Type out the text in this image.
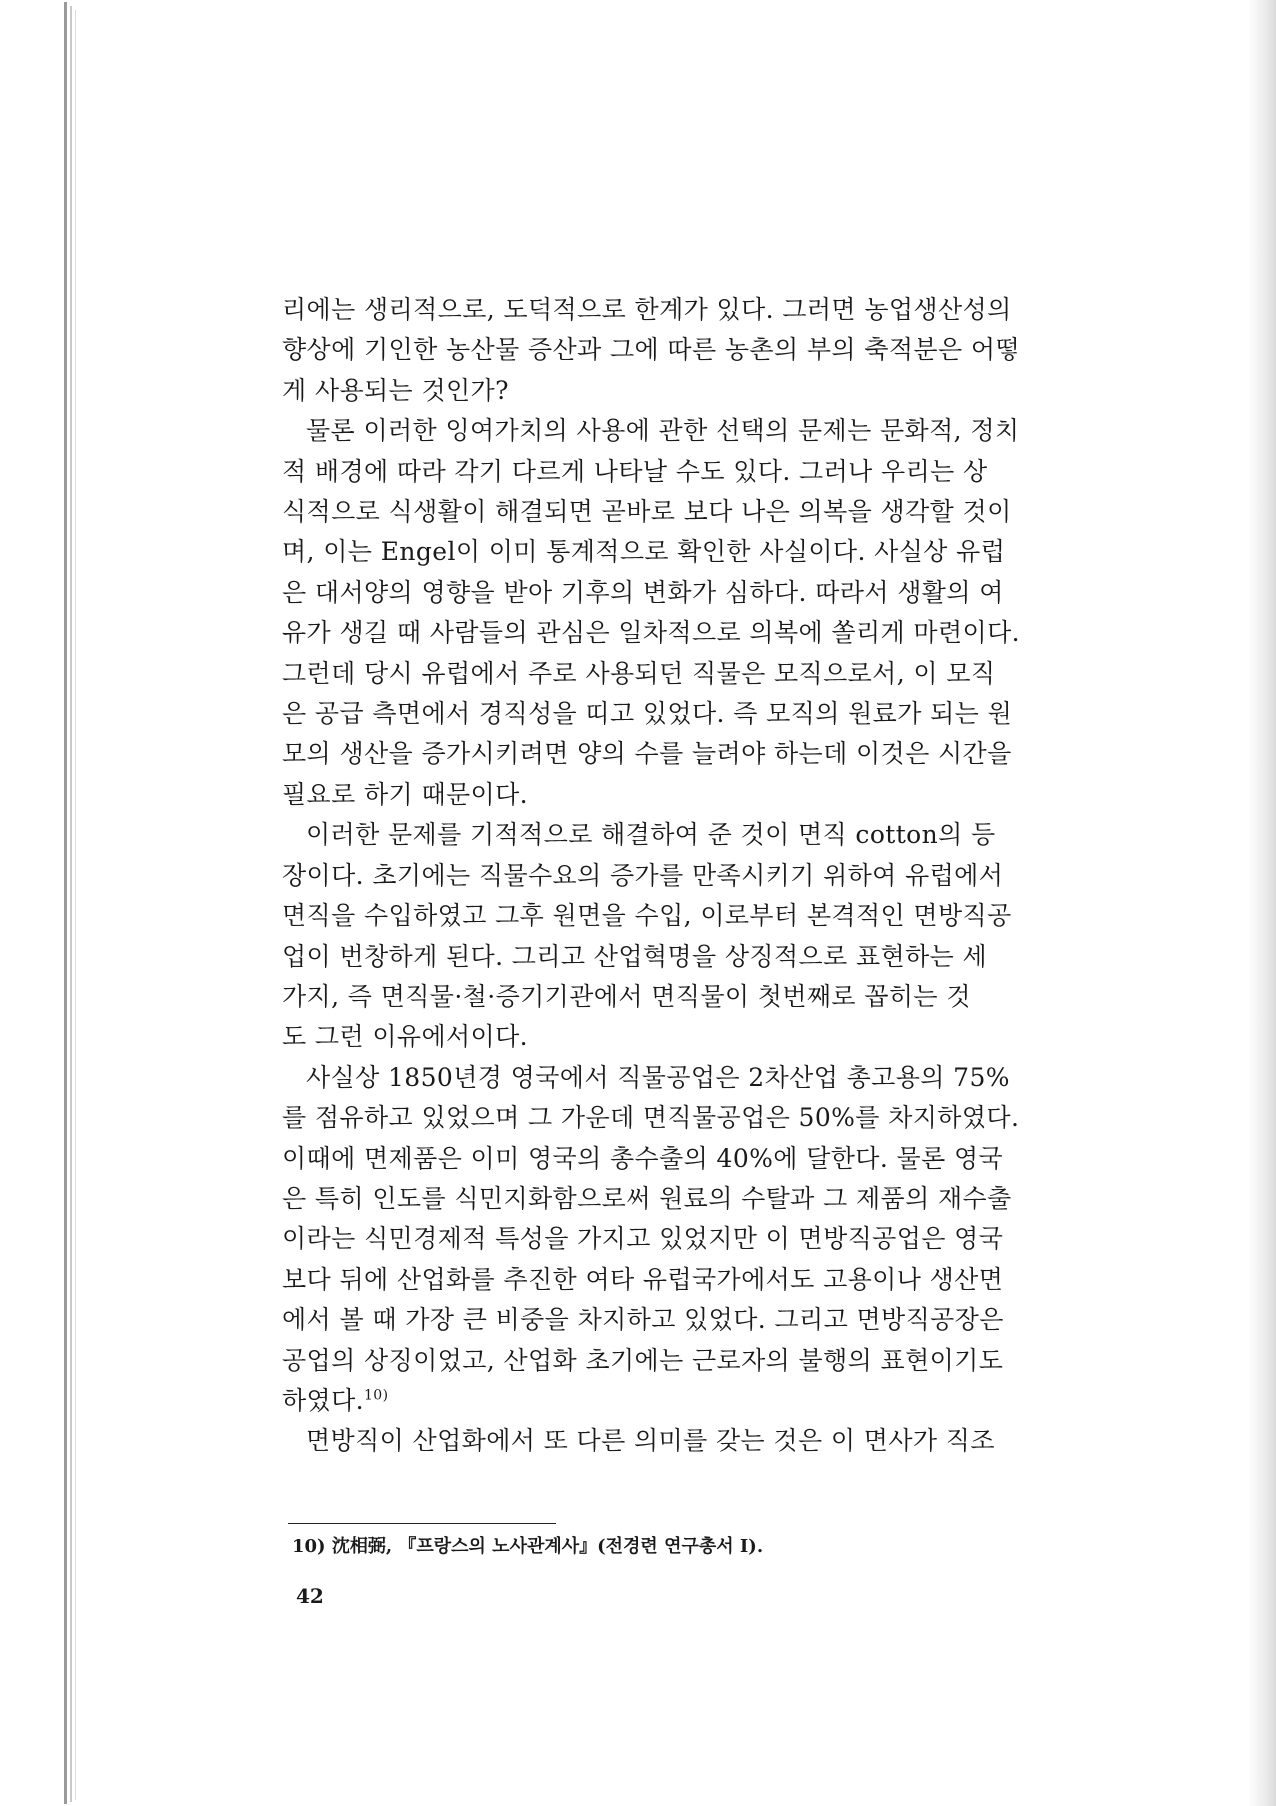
리에는 생리적으로, 도덕적으로 한계가 있다. 그러면 농업생산성의
향상에 기인한 농산물 증산과 그에 따른 농촌의 부의 축적분은 어떻
게 사용되는 것인가?

물론 이러한 잉여가치의 사용에 관한 선택의 문제는 문화적, 정치
적 배경에 따라 각기 다르게 나타날 수도 있다. 그러나 우리는 상
식적으로 식생활이 해결되면 곧바로 보다 나은 의복을 생각할 것이
며, 이는 Engel이 이미 통계적으로 확인한 사실이다. 사실상 유럽
은 대서양의 영향을 받아 기후의 변화가 심하다. 따라서 생활의 여
유가 생길 때 사람들의 관심은 일차적으로 의복에 쏠리게 마련이다.
그런데 당시 유럽에서 주로 사용되던 직물은 모직으로서, 이 모직
은 공급 측면에서 경직성을 띠고 있었다. 즉 모직의 원료가 되는 원
모의 생산을 증가시키려면 양의 수를 늘려야 하는데 이것은 시간을
필요로 하기 때문이다.

이러한 문제를 기적적으로 해결하여 준 것이 면직 cotton의 등
장이다. 초기에는 직물수요의 증가를 만족시키기 위하여 유럽에서
면직을 수입하였고 그후 원면을 수입, 이로부터 본격적인 면방직공
업이 번창하게 된다. 그리고 산업혁명을 상징적으로 표현하는 세
가지, 즉 면직물·철·증기기관에서 면직물이 첫번째로 꼽히는 것
도 그런 이유에서이다.

사실상 1850년경 영국에서 직물공업은 2차산업 총고용의 75%
를 점유하고 있었으며 그 가운데 면직물공업은 50%를 차지하였다.
이때에 면제품은 이미 영국의 총수출의 40%에 달한다. 물론 영국
은 특히 인도를 식민지화함으로써 원료의 수탈과 그 제품의 재수출
이라는 식민경제적 특성을 가지고 있었지만 이 면방직공업은 영국
보다 뒤에 산업화를 추진한 여타 유럽국가에서도 고용이나 생산면
에서 볼 때 가장 큰 비중을 차지하고 있었다. 그리고 면방직공장은
공업의 상징이었고, 산업화 초기에는 근로자의 불행의 표현이기도
하였다.$^{10)}$

면방직이 산업화에서 또 다른 의미를 갖는 것은 이 면사가 직조

10) 沈相弼, 『프랑스의 노사관계사』(전경련 연구총서 I).
42
